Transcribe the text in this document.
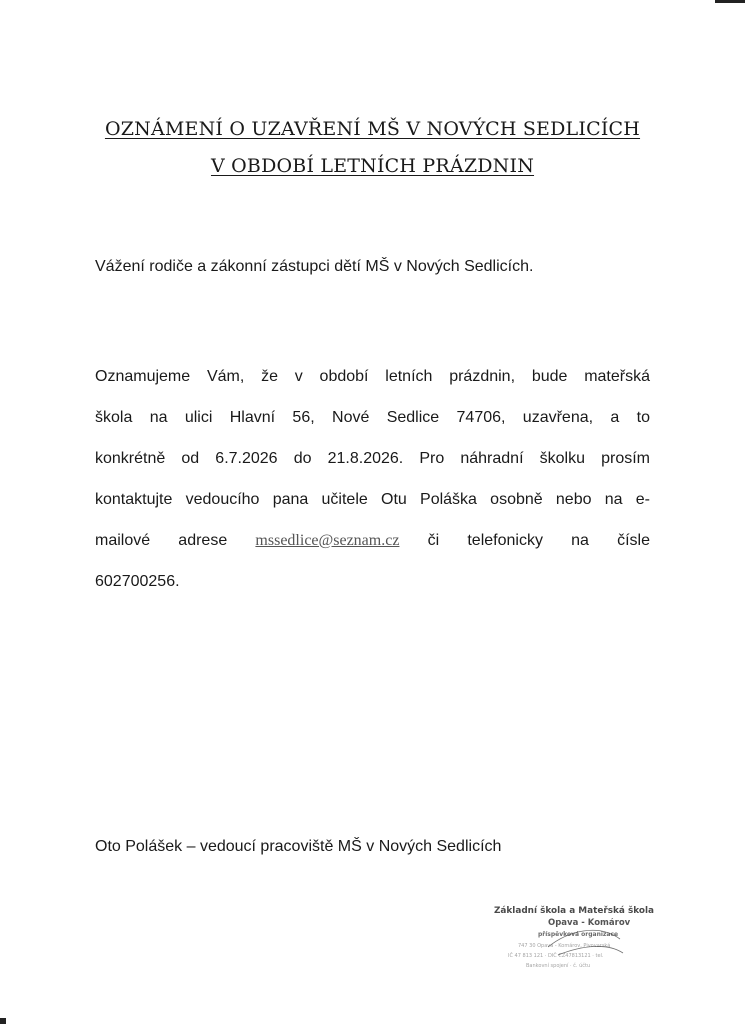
OZNÁMENÍ O UZAVŘENÍ MŠ V NOVÝCH SEDLICÍCH
V OBDOBÍ LETNÍCH PRÁZDNIN
Vážení rodiče a zákonní zástupci dětí MŠ v Nových Sedlicích.
Oznamujeme Vám, že v období letních prázdnin, bude mateřská
škola na ulici Hlavní 56, Nové Sedlice 74706, uzavřena, a to
konkrétně od 6.7.2026 do 21.8.2026. Pro náhradní školku prosím
kontaktujte vedoucího pana učitele Otu Poláška osobně nebo na e-
mailové adrese mssedlice@seznam.cz či telefonicky na čísle
602700256.
Oto Polášek – vedoucí pracoviště MŠ v Nových Sedlicích
Základní škola a Mateřská škola
Opava - Komárov
příspěvková organizace
747 30 Opava - Komárov, Pivovarská
IČ 47 813 121 · DIČ CZ47813121 · tel.
Bankovní spojení · č. účtu
